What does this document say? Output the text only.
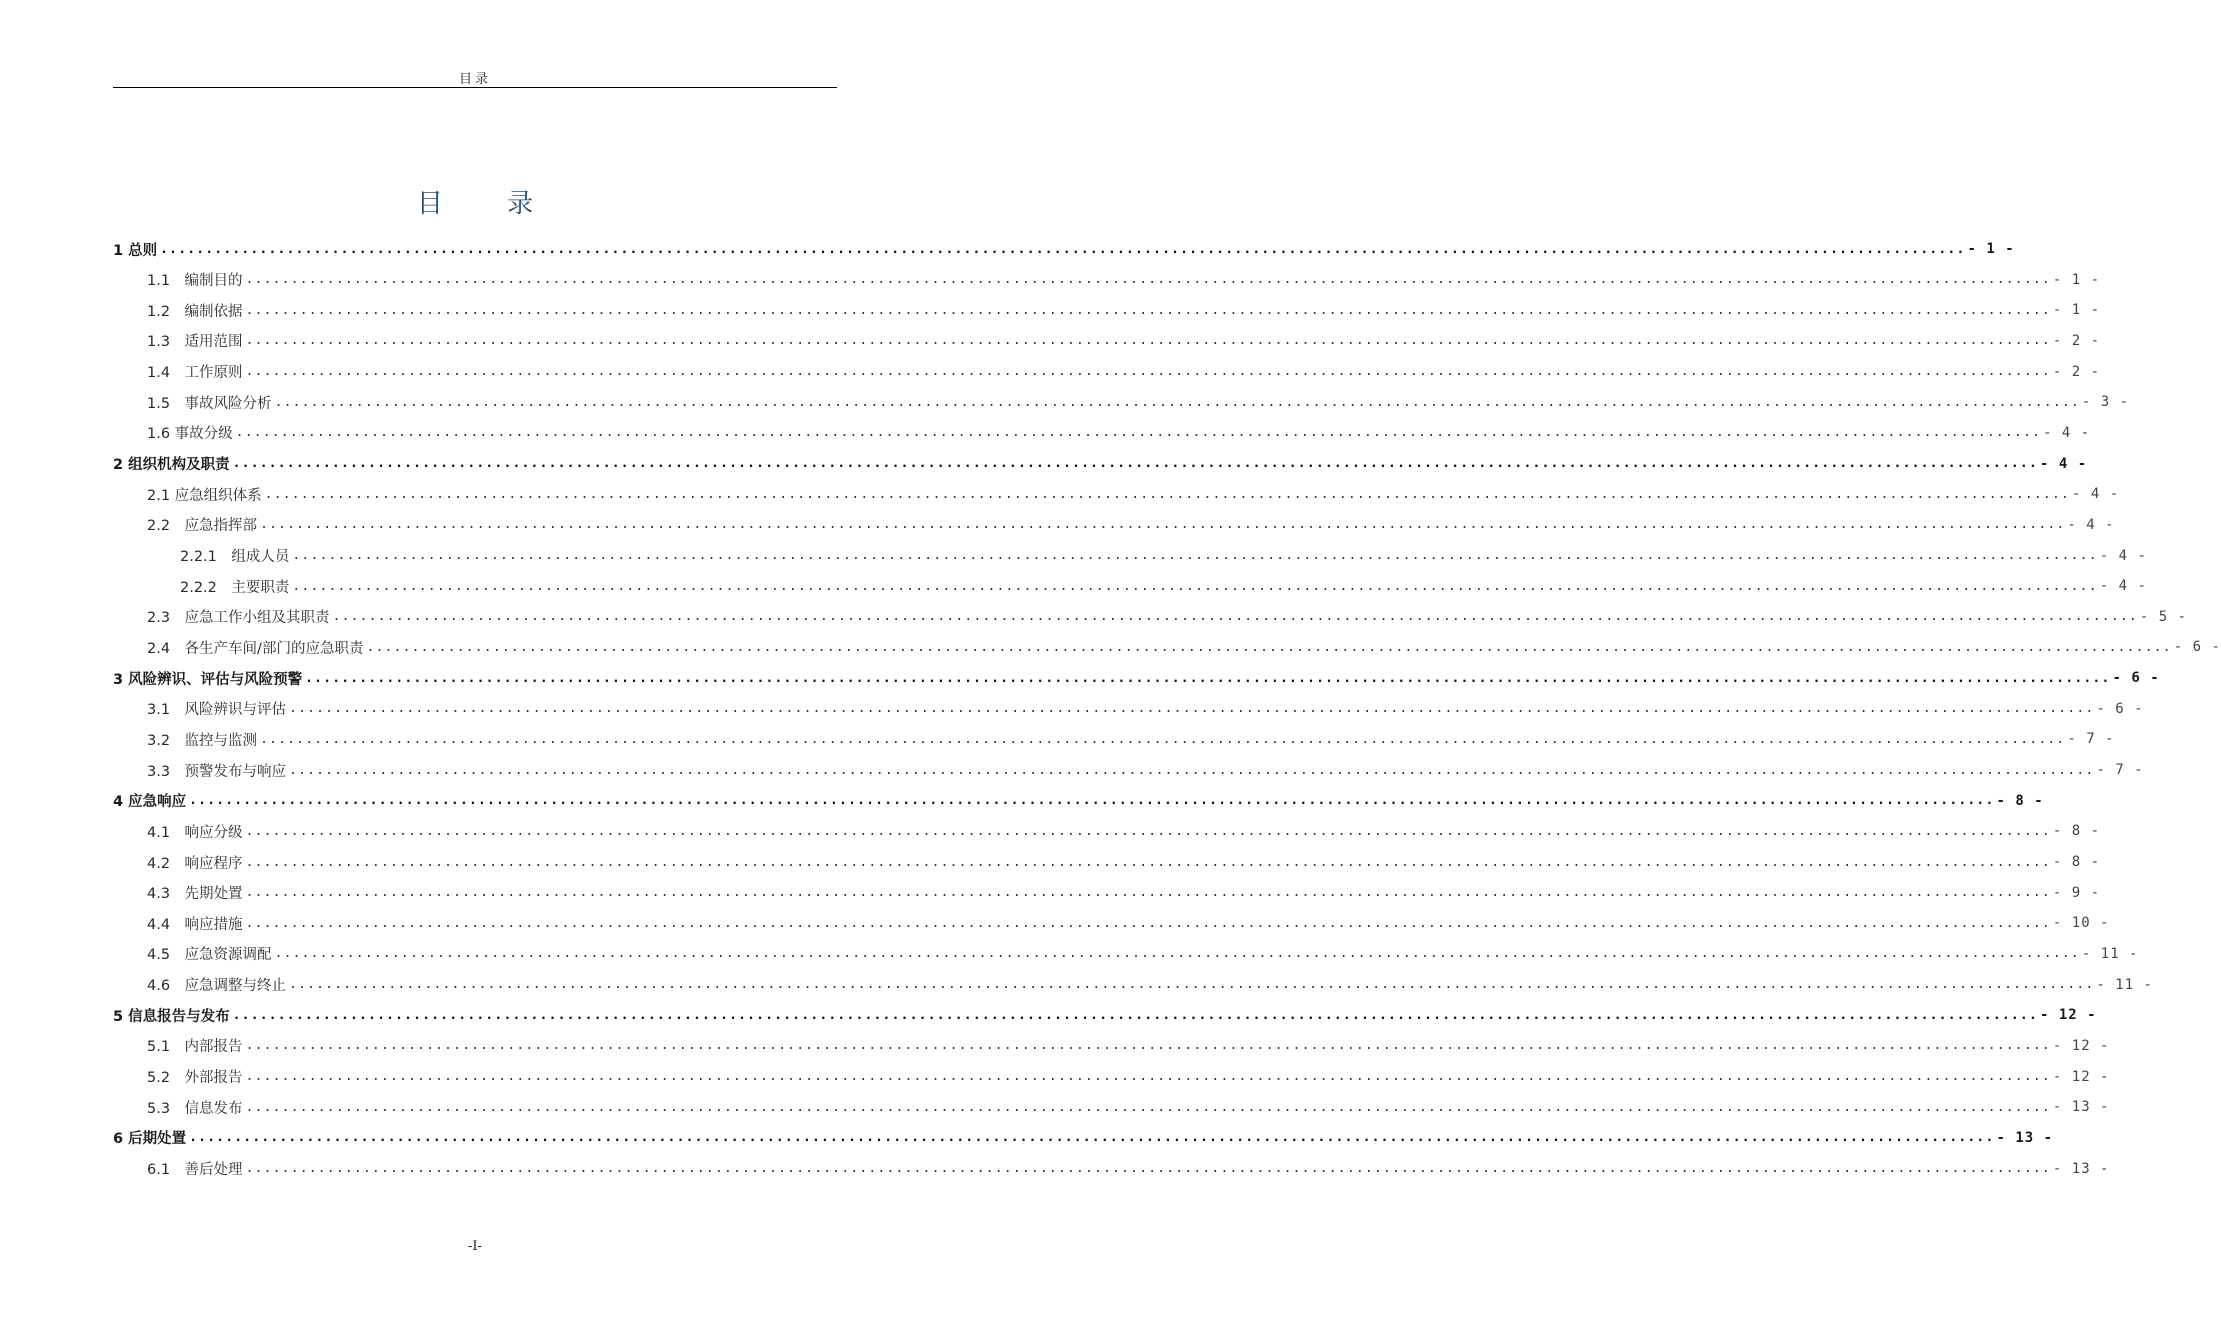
目录
目 录
1 总则 ........................................................................................................................................................................................................ - 1 -
1.1　编制目的 ........................................................................................................................................................................................................ - 1 -
1.2　编制依据 ........................................................................................................................................................................................................ - 1 -
1.3　适用范围 ........................................................................................................................................................................................................ - 2 -
1.4　工作原则 ........................................................................................................................................................................................................ - 2 -
1.5　事故风险分析 ........................................................................................................................................................................................................ - 3 -
1.6 事故分级 ........................................................................................................................................................................................................ - 4 -
2 组织机构及职责 ........................................................................................................................................................................................................ - 4 -
2.1 应急组织体系 ........................................................................................................................................................................................................ - 4 -
2.2　应急指挥部 ........................................................................................................................................................................................................ - 4 -
2.2.1　组成人员 ........................................................................................................................................................................................................ - 4 -
2.2.2　主要职责 ........................................................................................................................................................................................................ - 4 -
2.3　应急工作小组及其职责 ........................................................................................................................................................................................................ - 5 -
2.4　各生产车间/部门的应急职责 ........................................................................................................................................................................................................ - 6 -
3 风险辨识、评估与风险预警 ........................................................................................................................................................................................................ - 6 -
3.1　风险辨识与评估 ........................................................................................................................................................................................................ - 6 -
3.2　监控与监测 ........................................................................................................................................................................................................ - 7 -
3.3　预警发布与响应 ........................................................................................................................................................................................................ - 7 -
4 应急响应 ........................................................................................................................................................................................................ - 8 -
4.1　响应分级 ........................................................................................................................................................................................................ - 8 -
4.2　响应程序 ........................................................................................................................................................................................................ - 8 -
4.3　先期处置 ........................................................................................................................................................................................................ - 9 -
4.4　响应措施 ........................................................................................................................................................................................................ - 10 -
4.5　应急资源调配 ........................................................................................................................................................................................................ - 11 -
4.6　应急调整与终止 ........................................................................................................................................................................................................ - 11 -
5 信息报告与发布 ........................................................................................................................................................................................................ - 12 -
5.1　内部报告 ........................................................................................................................................................................................................ - 12 -
5.2　外部报告 ........................................................................................................................................................................................................ - 12 -
5.3　信息发布 ........................................................................................................................................................................................................ - 13 -
6 后期处置 ........................................................................................................................................................................................................ - 13 -
6.1　善后处理 ........................................................................................................................................................................................................ - 13 -
-I-
